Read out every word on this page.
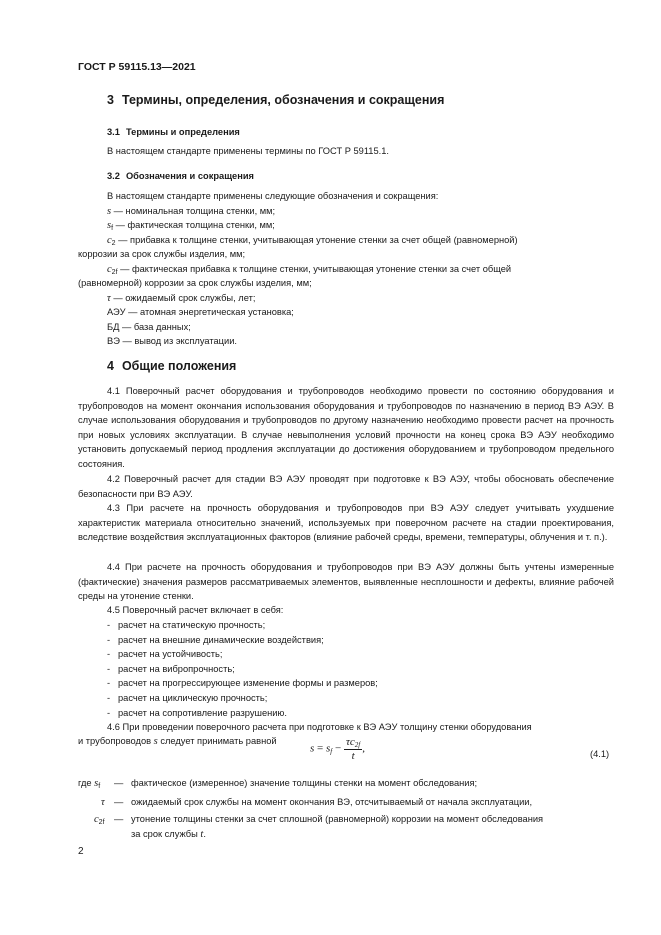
ГОСТ Р 59115.13—2021
3 Термины, определения, обозначения и сокращения
3.1 Термины и определения
В настоящем стандарте применены термины по ГОСТ Р 59115.1.
3.2 Обозначения и сокращения
В настоящем стандарте применены следующие обозначения и сокращения:
s — номинальная толщина стенки, мм;
$s_f$ — фактическая толщина стенки, мм;
$c_2$ — прибавка к толщине стенки, учитывающая утонение стенки за счет общей (равномерной)
коррозии за срок службы изделия, мм;
$c_{2f}$ — фактическая прибавка к толщине стенки, учитывающая утонение стенки за счет общей
(равномерной) коррозии за срок службы изделия, мм;
τ — ожидаемый срок службы, лет;
АЭУ — атомная энергетическая установка;
БД — база данных;
ВЭ — вывод из эксплуатации.
4 Общие положения

4.1 Поверочный расчет оборудования и трубопроводов необходимо провести по состоянию оборудования и трубопроводов на момент окончания использования оборудования и трубопроводов по назначению в период ВЭ АЭУ. В случае использования оборудования и трубопроводов по другому назначению необходимо провести расчет на прочность при новых условиях эксплуатации. В случае невыполнения условий прочности на конец срока ВЭ АЭУ необходимо установить допускаемый период продления эксплуатации до достижения оборудованием и трубопроводом предельного состояния.

4.2 Поверочный расчет для стадии ВЭ АЭУ проводят при подготовке к ВЭ АЭУ, чтобы обосновать обеспечение безопасности при ВЭ АЭУ.

4.3 При расчете на прочность оборудования и трубопроводов при ВЭ АЭУ следует учитывать ухудшение характеристик материала относительно значений, используемых при поверочном расчете на стадии проектирования, вследствие воздействия эксплуатационных факторов (влияние рабочей среды, времени, температуры, облучения и т. п.).

4.4 При расчете на прочность оборудования и трубопроводов при ВЭ АЭУ должны быть учтены измеренные (фактические) значения размеров рассматриваемых элементов, выявленные несплошности и дефекты, влияние рабочей среды на утонение стенки.

4.5 Поверочный расчет включает в себя:
- расчет на статическую прочность;
- расчет на внешние динамические воздействия;
- расчет на устойчивость;
- расчет на вибропрочность;
- расчет на прогрессирующее изменение формы и размеров;
- расчет на циклическую прочность;
- расчет на сопротивление разрушению.
4.6 При проведении поверочного расчета при подготовке к ВЭ АЭУ толщину стенки оборудования
и трубопроводов s следует принимать равной
$s = s_f - \frac{\tau c_{2f}}{t}$ ,	(4.1)
где $s_f$ — фактическое (измеренное) значение толщины стенки на момент обследования;
τ — ожидаемый срок службы на момент окончания ВЭ, отсчитываемый от начала эксплуатации,
$c_{2f}$ — утонение толщины стенки за счет сплошной (равномерной) коррозии на момент обследования
за срок службы t.
2
